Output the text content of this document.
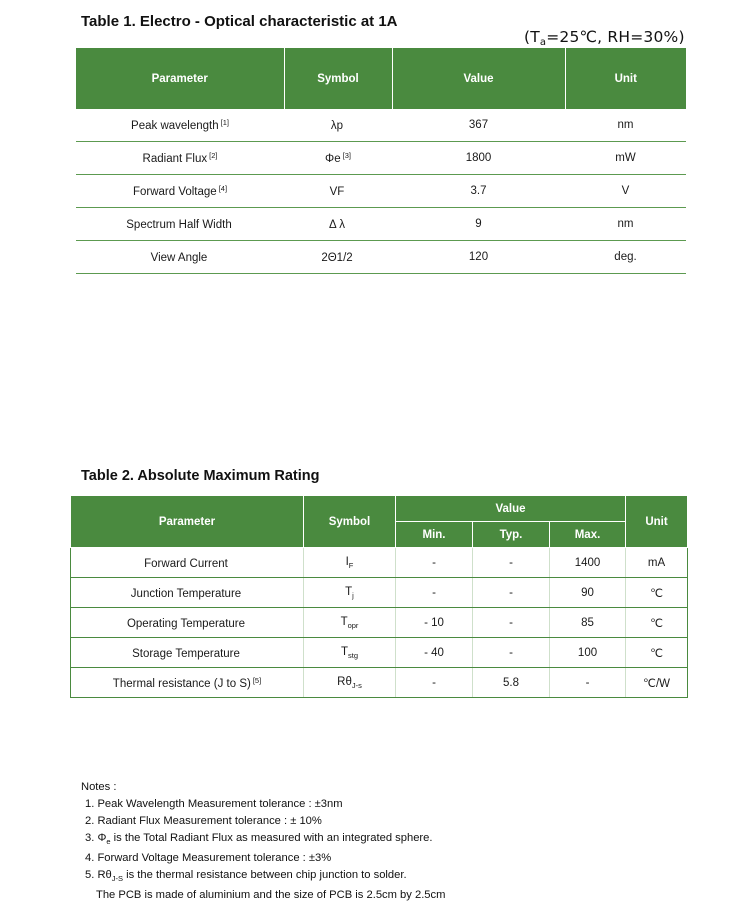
Table 1. Electro - Optical characteristic at 1A
($T_a=25℃$, RH=30%)
Parameter	Symbol	Value	Unit
Peak wavelength [1]	λp	367	nm
Radiant Flux [2]	Φe [3]	1800	mW
Forward Voltage [4]	VF	3.7	V
Spectrum Half Width	Δ λ	9	nm
View Angle	2Θ1/2	120	deg.
Table 2. Absolute Maximum Rating
Parameter	Symbol	Value			Unit
		Min.	Typ.	Max.	
Forward Current	$I_F$	-	-	1400	mA
Junction Temperature	$T_j$	-	-	90	℃
Operating Temperature	$T_{opr}$	- 10	-	85	℃
Storage Temperature	$T_{stg}$	- 40	-	100	℃
Thermal resistance (J to S) [5]	$R\theta_{J-s}$	-	5.8	-	℃/W
Notes :
1. Peak Wavelength Measurement tolerance : ±3nm
2. Radiant Flux Measurement tolerance : ± 10%
3. $\Phi_e$ is the Total Radiant Flux as measured with an integrated sphere.
4. Forward Voltage Measurement tolerance : ±3%
5. $R\theta_{J-S}$ is the thermal resistance between chip junction to solder.
The PCB is made of aluminium and the size of PCB is 2.5cm by 2.5cm
